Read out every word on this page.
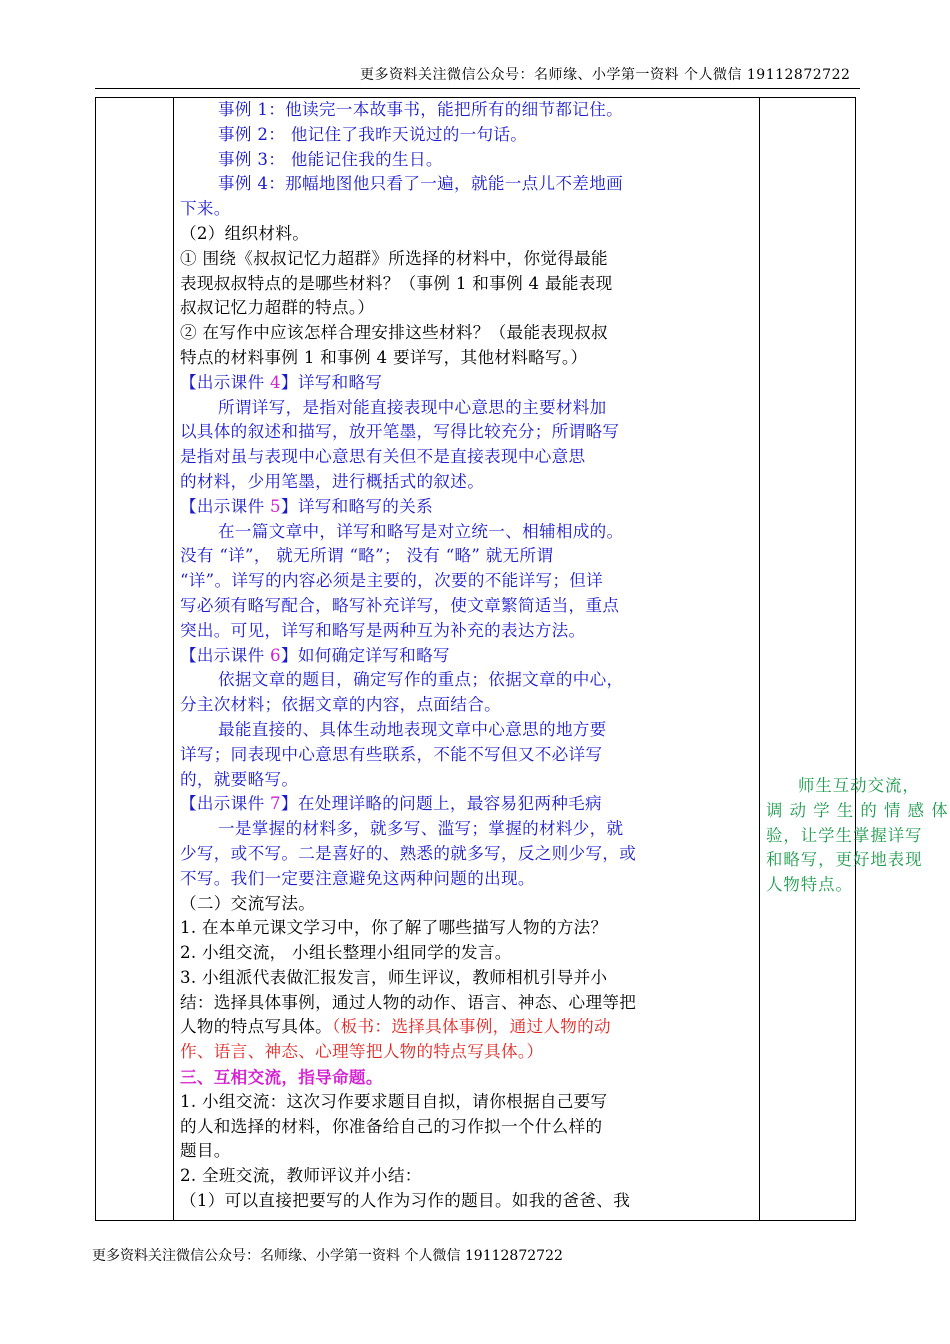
更多资料关注微信公众号：名师缘、小学第一资料 个人微信 19112872722
事例 1：他读完一本故事书，能把所有的细节都记住。
事例 2： 他记住了我昨天说过的一句话。
事例 3： 他能记住我的生日。
事例 4：那幅地图他只看了一遍，就能一点儿不差地画
下来。
（2）组织材料。
① 围绕《叔叔记忆力超群》所选择的材料中，你觉得最能
表现叔叔特点的是哪些材料？（事例 1 和事例 4 最能表现
叔叔记忆力超群的特点。）
② 在写作中应该怎样合理安排这些材料？（最能表现叔叔
特点的材料事例 1 和事例 4 要详写，其他材料略写。）
【出示课件 4】详写和略写
所谓详写，是指对能直接表现中心意思的主要材料加
以具体的叙述和描写，放开笔墨，写得比较充分；所谓略写
是指对虽与表现中心意思有关但不是直接表现中心意思
的材料，少用笔墨，进行概括式的叙述。
【出示课件 5】详写和略写的关系
在一篇文章中，详写和略写是对立统一、相辅相成的。
没有 “详”， 就无所谓 “略”； 没有 “略” 就无所谓
“详”。详写的内容必须是主要的，次要的不能详写；但详
写必须有略写配合，略写补充详写，使文章繁简适当，重点
突出。可见，详写和略写是两种互为补充的表达方法。
【出示课件 6】如何确定详写和略写
依据文章的题目，确定写作的重点；依据文章的中心，
分主次材料；依据文章的内容，点面结合。
最能直接的、具体生动地表现文章中心意思的地方要
详写；同表现中心意思有些联系，不能不写但又不必详写
的，就要略写。
【出示课件 7】在处理详略的问题上，最容易犯两种毛病
一是掌握的材料多，就多写、滥写；掌握的材料少，就
少写，或不写。二是喜好的、熟悉的就多写，反之则少写，或
不写。我们一定要注意避免这两种问题的出现。
（二）交流写法。
1. 在本单元课文学习中，你了解了哪些描写人物的方法？
2. 小组交流， 小组长整理小组同学的发言。
3. 小组派代表做汇报发言，师生评议，教师相机引导并小
结：选择具体事例，通过人物的动作、语言、神态、心理等把
人物的特点写具体。（板书：选择具体事例，通过人物的动
作、语言、神态、心理等把人物的特点写具体。）
三、互相交流，指导命题。
1. 小组交流：这次习作要求题目自拟，请你根据自己要写
的人和选择的材料，你准备给自己的习作拟一个什么样的
题目。
2. 全班交流，教师评议并小结：
（1）可以直接把要写的人作为习作的题目。如我的爸爸、我
师生互动交流，
调 动 学 生 的 情 感 体
验，让学生掌握详写
和略写，更好地表现
人物特点。
更多资料关注微信公众号：名师缘、小学第一资料 个人微信 19112872722
